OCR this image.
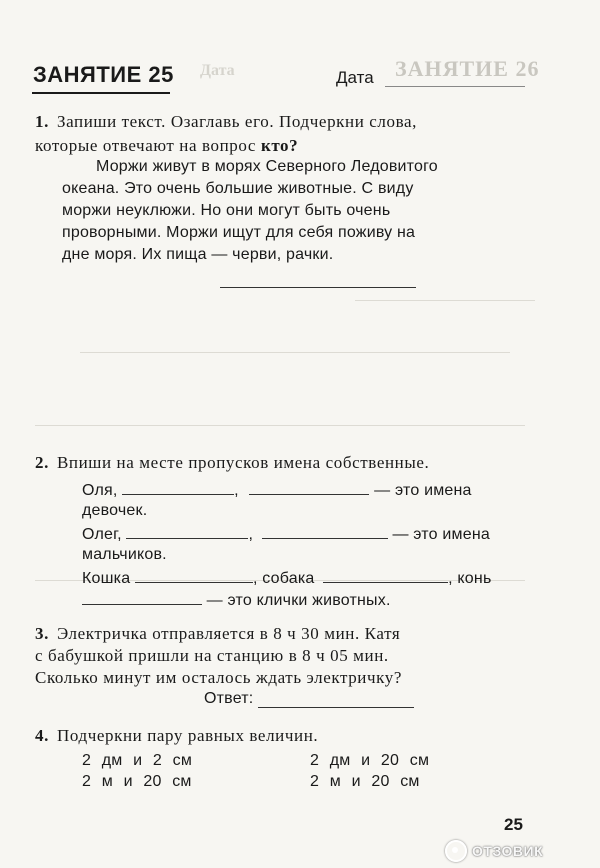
ЗАНЯТИЕ 26
Дата
ЗАНЯТИЕ 25	Дата
1. Запиши текст. Озаглавь его. Подчеркни слова,
которые отвечают на вопрос кто?
Моржи живут в морях Северного Ледовитого
океана. Это очень большие животные. С виду
моржи неуклюжи. Но они могут быть очень
проворными. Моржи ищут для себя поживу на
дне моря. Их пища — черви, рачки.
2. Впиши на месте пропусков имена собственные.
Оля,	,	— это имена
девочек.
Олег,	,	— это имена
мальчиков.
Кошка	, собака	, конь
— это клички животных.
3. Электричка отправляется в 8 ч 30 мин. Катя
с бабушкой пришли на станцию в 8 ч 05 мин.
Сколько минут им осталось ждать электричку?
Ответ:
4. Подчеркни пару равных величин.
2 дм и 2 см	2 дм и 20 см
2 м и 20 см	2 м и 20 см
25
ОТЗОВИК
